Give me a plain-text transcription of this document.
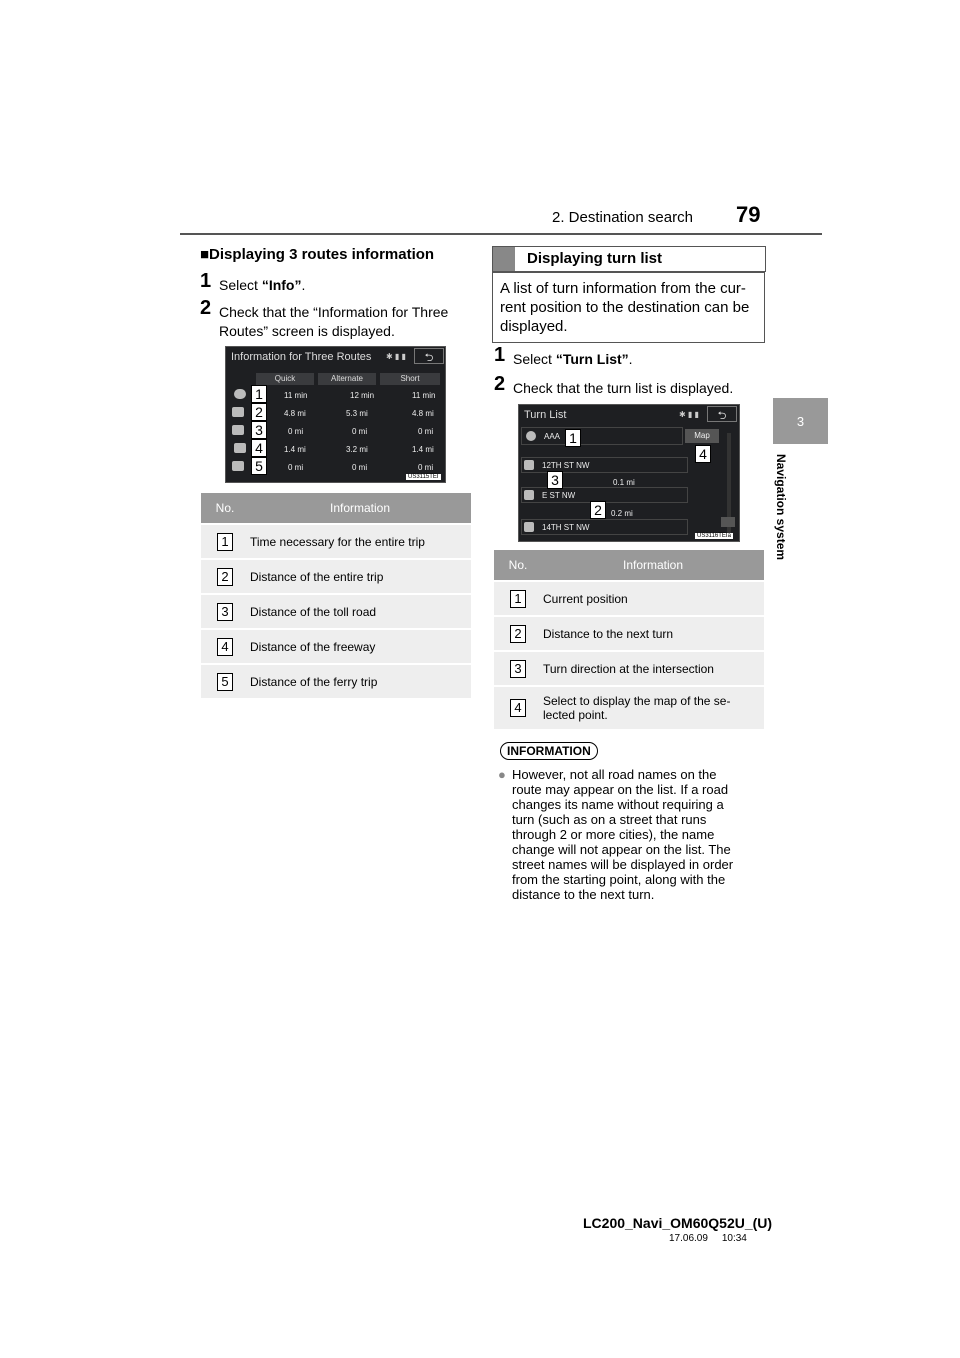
2. Destination search 79
3
Navigation system
■Displaying 3 routes information
1 Select “Info”.
2 Check that the “Information for Three
Routes” screen is displayed.
Information for Three Routes ✱ ▮ ▮	⮌
Quick	Alternate	Short
11 min	12 min	11 min
4.8 mi	5.3 mi	4.8 mi
0 mi	0 mi	0 mi
1.4 mi	3.2 mi	1.4 mi
0 mi	0 mi	0 mi
1
2
3
4
5
US3115TEI
No.	Information
1	Time necessary for the entire trip
2	Distance of the entire trip
3	Distance of the toll road
4	Distance of the freeway
5	Distance of the ferry trip
Displaying turn list
A list of turn information from the cur-
rent position to the destination can be
displayed.
1 Select “Turn List”.
2 Check that the turn list is displayed.
Turn List	✱ ▮ ▮	⮌
AAA	Map
12TH ST NW
0.1 mi
E ST NW
0.2 mi
14TH ST NW
1
2
3
4
US3116TEIa
No.	Information
1	Current position
2	Distance to the next turn
3	Turn direction at the intersection
4	Select to display the map of the se-
lected point.
INFORMATION
● However, not all road names on the
route may appear on the list. If a road
changes its name without requiring a
turn (such as on a street that runs
through 2 or more cities), the name
change will not appear on the list. The
street names will be displayed in order
from the starting point, along with the
distance to the next turn.
LC200_Navi_OM60Q52U_(U)
17.06.09     10:34
